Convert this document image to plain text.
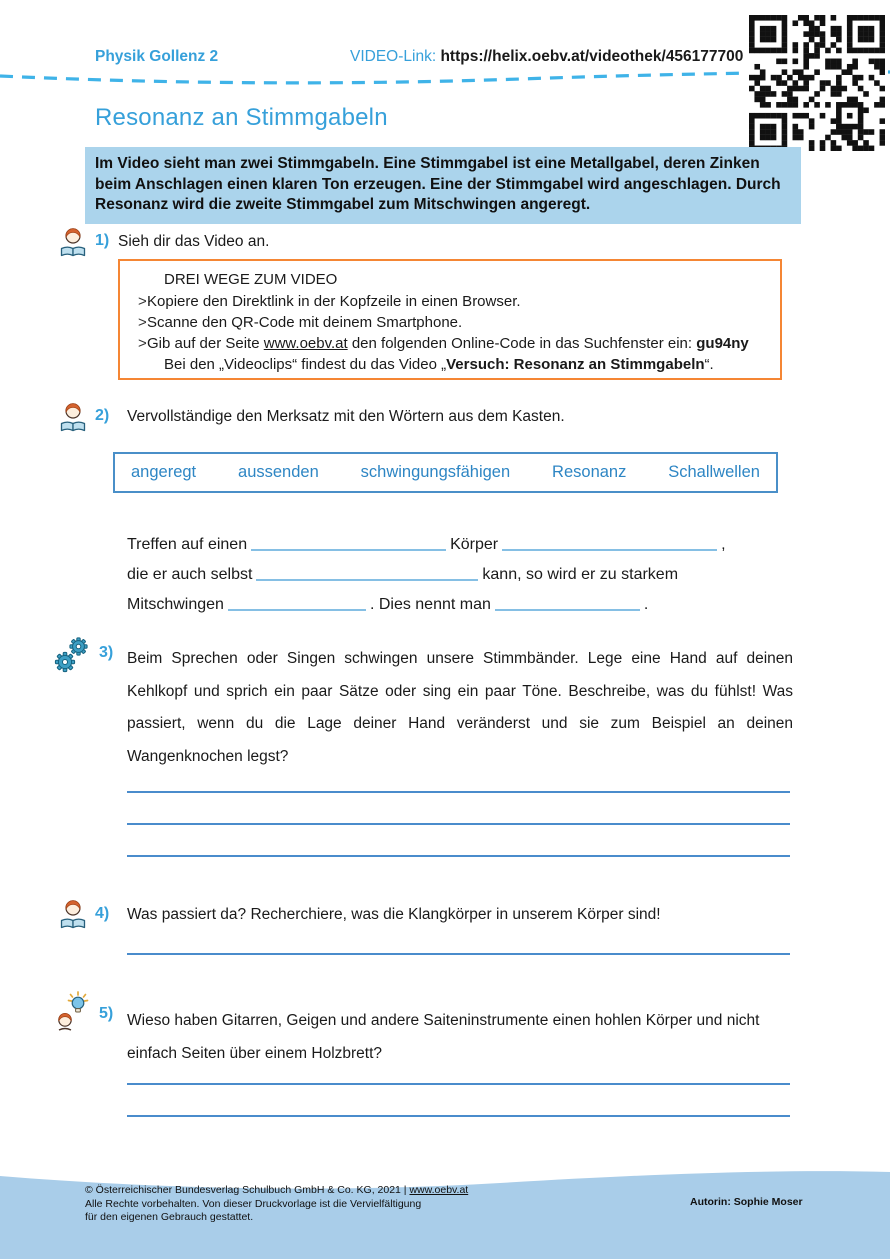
Physik Gollenz 2	VIDEO-Link: https://helix.oebv.at/videothek/456177700
Resonanz an Stimmgabeln
Im Video sieht man zwei Stimmgabeln. Eine Stimmgabel ist eine Metallgabel, deren Zinken beim Anschlagen einen klaren Ton erzeugen. Eine der Stimmgabel wird angeschlagen. Durch Resonanz wird die zweite Stimmgabel zum Mitschwingen angeregt.
1) Sieh dir das Video an.
DREI WEGE ZUM VIDEO
> Kopiere den Direktlink in der Kopfzeile in einen Browser.
> Scanne den QR-Code mit deinem Smartphone.
> Gib auf der Seite www.oebv.at den folgenden Online-Code in das Suchfenster ein: gu94ny
Bei den „Videoclips“ findest du das Video „Versuch: Resonanz an Stimmgabeln“.
2) Vervollständige den Merksatz mit den Wörtern aus dem Kasten.
angeregt	aussenden	schwingungsfähigen	Resonanz	Schallwellen
Treffen auf einen	Körper	,
die er auch selbst	kann, so wird er zu starkem
Mitschwingen	. Dies nennt man	.
3) Beim Sprechen oder Singen schwingen unsere Stimmbänder. Lege eine Hand auf deinen
Kehlkopf und sprich ein paar Sätze oder sing ein paar Töne. Beschreibe, was du fühlst! Was
passiert, wenn du die Lage deiner Hand veränderst und sie zum Beispiel an deinen
Wangenknochen legst?
4) Was passiert da? Recherchiere, was die Klangkörper in unserem Körper sind!
5) Wieso haben Gitarren, Geigen und andere Saiteninstrumente einen hohlen Körper und nicht
einfach Seiten über einem Holzbrett?
© Österreichischer Bundesverlag Schulbuch GmbH & Co. KG, 2021 | www.oebv.at
Alle Rechte vorbehalten. Von dieser Druckvorlage ist die Vervielfältigung
für den eigenen Gebrauch gestattet.
Autorin: Sophie Moser
